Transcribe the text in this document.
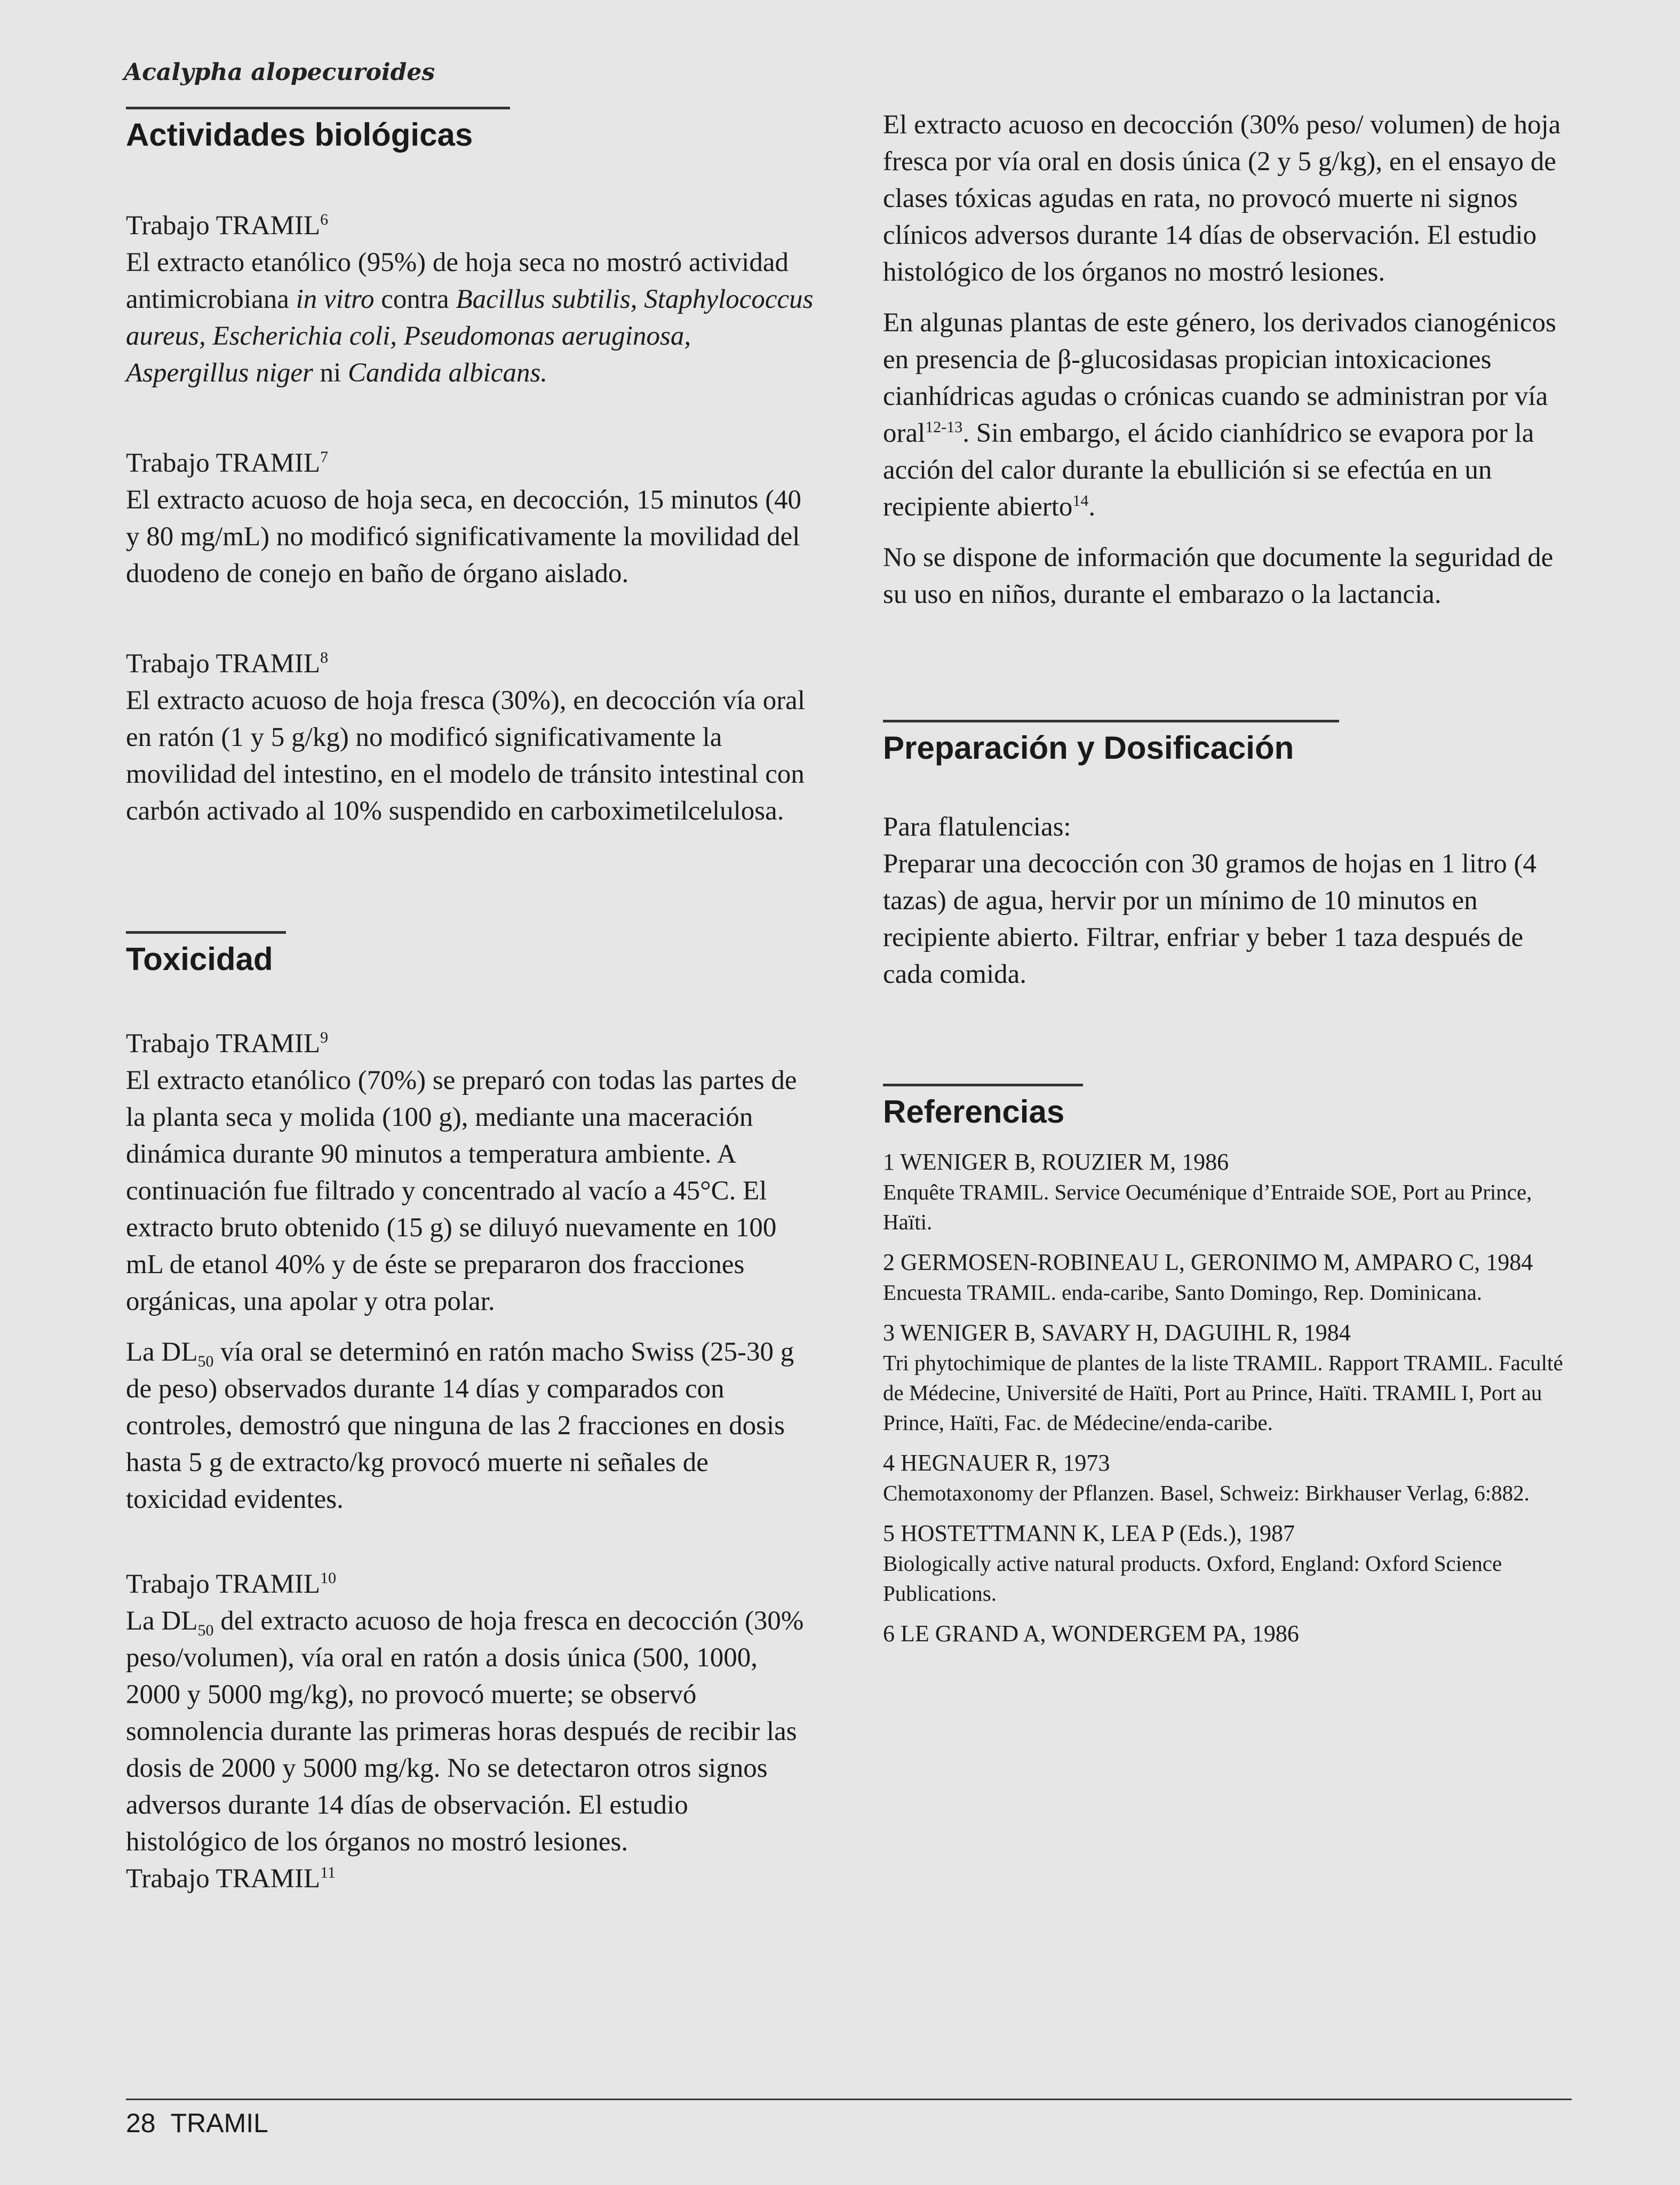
Acalypha alopecuroides
Actividades biológicas
Trabajo TRAMIL$^6$

El extracto etanólico (95%) de hoja seca no mostró actividad antimicrobiana in vitro contra Bacillus subtilis, Staphylococcus aureus, Escherichia coli, Pseudomonas aeruginosa, Aspergillus niger ni Candida albicans.

Trabajo TRAMIL$^7$

El extracto acuoso de hoja seca, en decocción, 15 minutos (40 y 80 mg/mL) no modificó significativamente la movilidad del duodeno de conejo en baño de órgano aislado.

Trabajo TRAMIL$^8$

El extracto acuoso de hoja fresca (30%), en decocción vía oral en ratón (1 y 5 g/kg) no modificó significativamente la movilidad del intestino, en el modelo de tránsito intestinal con carbón activado al 10% suspendido en carboximetilcelulosa.

Toxicidad
Trabajo TRAMIL$^9$

El extracto etanólico (70%) se preparó con todas las partes de la planta seca y molida (100 g), mediante una maceración dinámica durante 90 minutos a temperatura ambiente. A continuación fue filtrado y concentrado al vacío a 45°C. El extracto bruto obtenido (15 g) se diluyó nuevamente en 100 mL de etanol 40% y de éste se prepararon dos fracciones orgánicas, una apolar y otra polar.

La $DL_{50}$ vía oral se determinó en ratón macho Swiss (25-30 g de peso) observados durante 14 días y comparados con controles, demostró que ninguna de las 2 fracciones en dosis hasta 5 g de extracto/kg provocó muerte ni señales de toxicidad evidentes.

Trabajo TRAMIL$^{10}$

La $DL_{50}$ del extracto acuoso de hoja fresca en decocción (30% peso/volumen), vía oral en ratón a dosis única (500, 1000, 2000 y 5000 mg/kg), no provocó muerte; se observó somnolencia durante las primeras horas después de recibir las dosis de 2000 y 5000 mg/kg. No se detectaron otros signos adversos durante 14 días de observación. El estudio histológico de los órganos no mostró lesiones.

Trabajo TRAMIL$^{11}$

El extracto acuoso en decocción (30% peso/ volumen) de hoja fresca por vía oral en dosis única (2 y 5 g/kg), en el ensayo de clases tóxicas agudas en rata, no provocó muerte ni signos clínicos adversos durante 14 días de observación. El estudio histológico de los órganos no mostró lesiones.

En algunas plantas de este género, los derivados cianogénicos en presencia de β-glucosidasas propician intoxicaciones cianhídricas agudas o crónicas cuando se administran por vía oral$^{12-13}$. Sin embargo, el ácido cianhídrico se evapora por la acción del calor durante la ebullición si se efectúa en un recipiente abierto$^{14}$.

No se dispone de información que documente la seguridad de su uso en niños, durante el embarazo o la lactancia.

Preparación y Dosificación
Para flatulencias:

Preparar una decocción con 30 gramos de hojas en 1 litro (4 tazas) de agua, hervir por un mínimo de 10 minutos en recipiente abierto. Filtrar, enfriar y beber 1 taza después de cada comida.

Referencias
1 WENIGER B, ROUZIER M, 1986
Enquête TRAMIL. Service Oecuménique d’Entraide SOE, Port au Prince, Haïti.
2 GERMOSEN-ROBINEAU L, GERONIMO M, AMPARO C, 1984
Encuesta TRAMIL. enda-caribe, Santo Domingo, Rep. Dominicana.
3 WENIGER B, SAVARY H, DAGUIHL R, 1984
Tri phytochimique de plantes de la liste TRAMIL. Rapport TRAMIL. Faculté de Médecine, Université de Haïti, Port au Prince, Haïti. TRAMIL I, Port au Prince, Haïti, Fac. de Médecine/enda-caribe.
4 HEGNAUER R, 1973
Chemotaxonomy der Pflanzen. Basel, Schweiz: Birkhauser Verlag, 6:882.
5 HOSTETTMANN K, LEA P (Eds.), 1987
Biologically active natural products. Oxford, England: Oxford Science Publications.
6 LE GRAND A, WONDERGEM PA, 1986
28 TRAMIL
